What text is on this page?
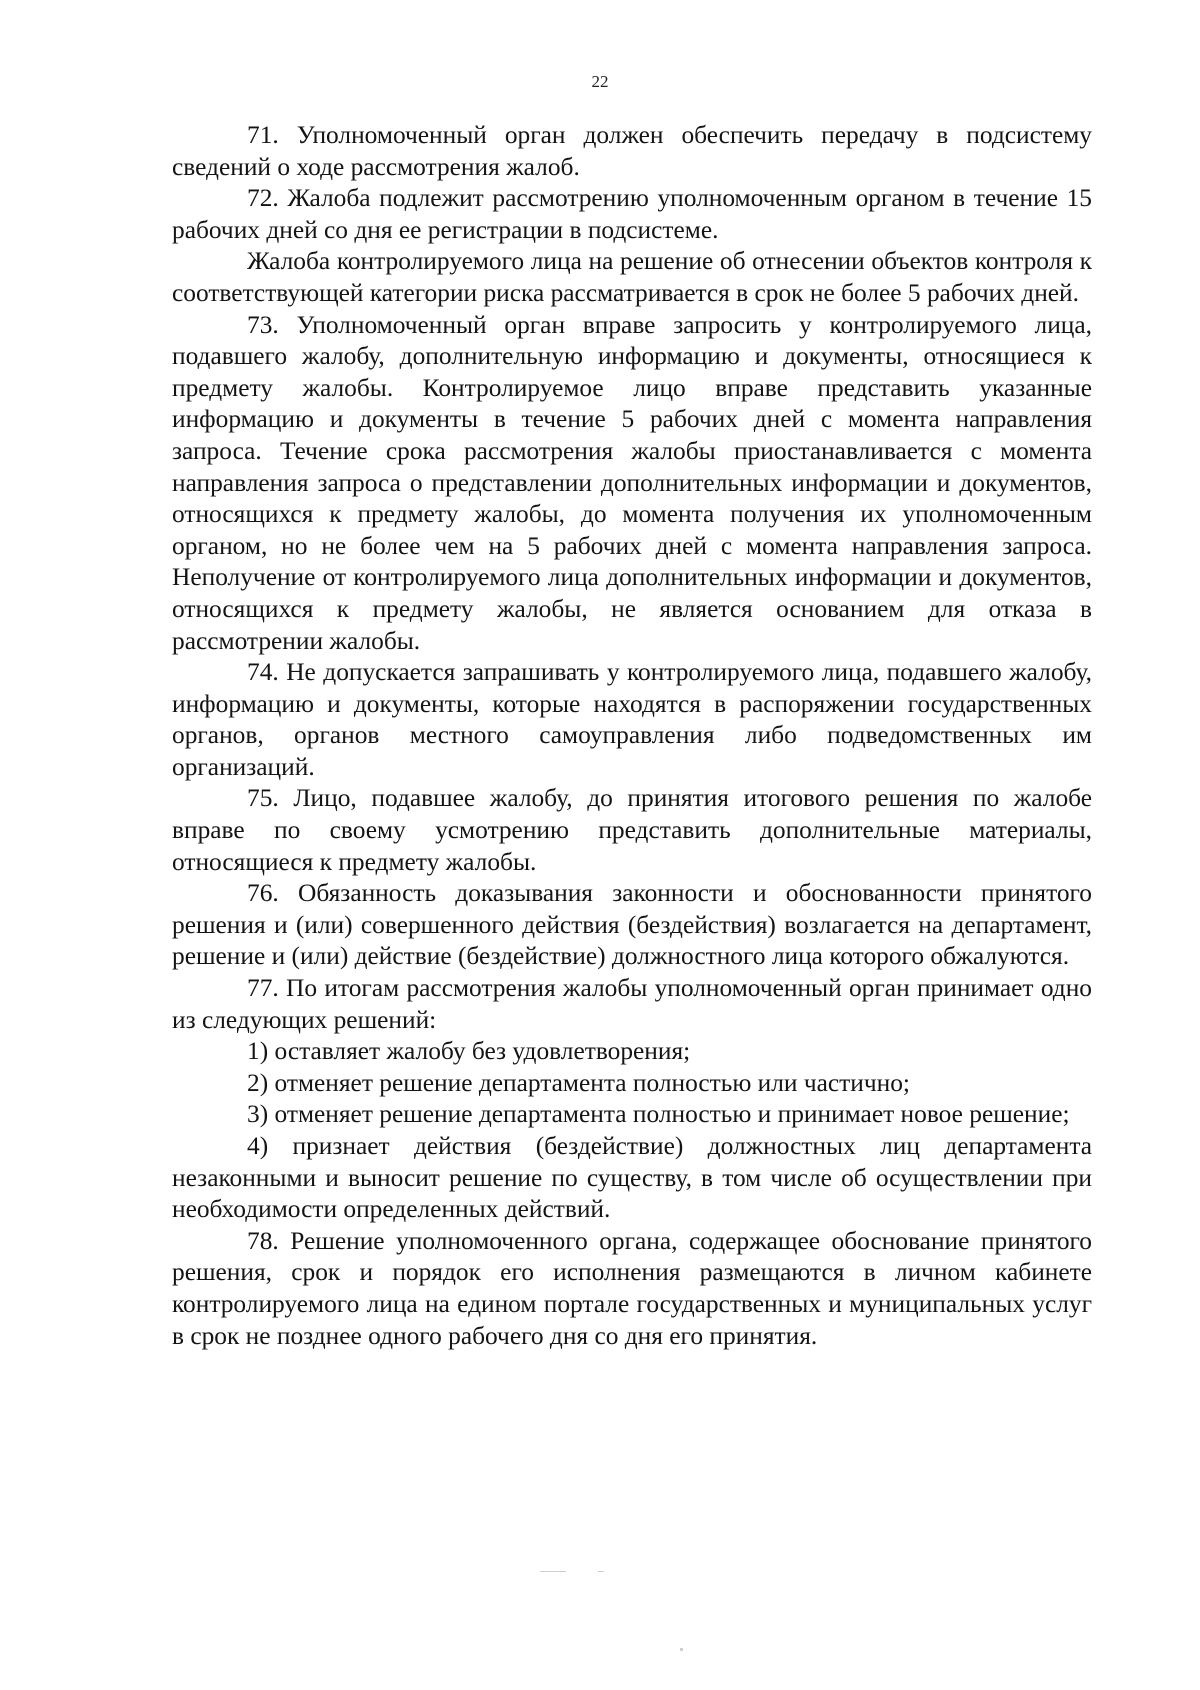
22

71. Уполномоченный орган должен обеспечить передачу в подсистему сведений о ходе рассмотрения жалоб.

72. Жалоба подлежит рассмотрению уполномоченным органом в течение 15 рабочих дней со дня ее регистрации в подсистеме.

Жалоба контролируемого лица на решение об отнесении объектов контроля к соответствующей категории риска рассматривается в срок не более 5 рабочих дней.

73. Уполномоченный орган вправе запросить у контролируемого лица, подавшего жалобу, дополнительную информацию и документы, относящиеся к предмету жалобы. Контролируемое лицо вправе представить указанные информацию и документы в течение 5 рабочих дней с момента направления запроса. Течение срока рассмотрения жалобы приостанавливается с момента направления запроса о представлении дополнительных информации и документов, относящихся к предмету жалобы, до момента получения их уполномоченным органом, но не более чем на 5 рабочих дней с момента направления запроса. Неполучение от контролируемого лица дополнительных информации и документов, относящихся к предмету жалобы, не является основанием для отказа в рассмотрении жалобы.

74. Не допускается запрашивать у контролируемого лица, подавшего жалобу, информацию и документы, которые находятся в распоряжении государственных органов, органов местного самоуправления либо подведомственных им организаций.

75. Лицо, подавшее жалобу, до принятия итогового решения по жалобе вправе по своему усмотрению представить дополнительные материалы, относящиеся к предмету жалобы.

76. Обязанность доказывания законности и обоснованности принятого решения и (или) совершенного действия (бездействия) возлагается на департамент, решение и (или) действие (бездействие) должностного лица которого обжалуются.

77. По итогам рассмотрения жалобы уполномоченный орган принимает одно из следующих решений:

1) оставляет жалобу без удовлетворения;

2) отменяет решение департамента полностью или частично;

3) отменяет решение департамента полностью и принимает новое решение;

4) признает действия (бездействие) должностных лиц департамента незаконными и выносит решение по существу, в том числе об осуществлении при необходимости определенных действий.

78. Решение уполномоченного органа, содержащее обоснование принятого решения, срок и порядок его исполнения размещаются в личном кабинете контролируемого лица на едином портале государственных и муниципальных услуг в срок не позднее одного рабочего дня со дня его принятия.
